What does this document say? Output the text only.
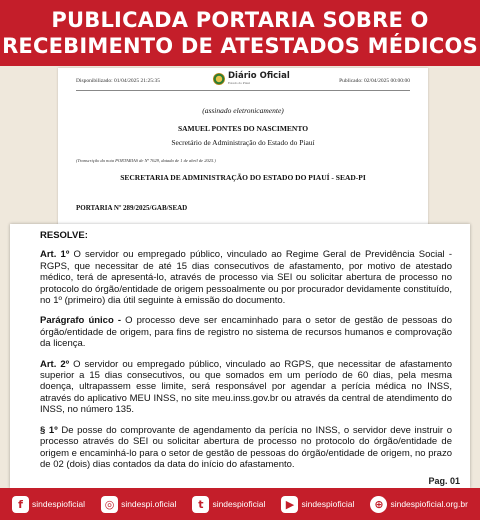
PUBLICADA PORTARIA SOBRE O
RECEBIMENTO DE ATESTADOS MÉDICOS
Disponibilizado: 01/04/2025 21:25:35	Diário Oficial
Estado do Piauí	Publicado: 02/04/2025 00:00:00
(assinado eletronicamente)
SAMUEL PONTES DO NASCIMENTO
Secretário de Administração do Estado do Piauí
(Transcrição da nota PORTARIAS de Nº 7629, datada de 1 de abril de 2025.)
SECRETARIA DE ADMINISTRAÇÃO DO ESTADO DO PIAUÍ - SEAD-PI
PORTARIA Nº 289/2025/GAB/SEAD

RESOLVE:

Art. 1º O servidor ou empregado público, vinculado ao Regime Geral de Previdência Social - RGPS, que necessitar de até 15 dias consecutivos de afastamento, por motivo de atestado médico, terá de apresentá-lo, através de processo via SEI ou solicitar abertura de processo no protocolo do órgão/entidade de origem pessoalmente ou por procurador devidamente constituído, no 1º (primeiro) dia útil seguinte à emissão do documento.

Parágrafo único - O processo deve ser encaminhado para o setor de gestão de pessoas do órgão/entidade de origem, para fins de registro no sistema de recursos humanos e comprovação da licença.

Art. 2º O servidor ou empregado público, vinculado ao RGPS, que necessitar de afastamento superior a 15 dias consecutivos, ou que somados em um período de 60 dias, pela mesma doença, ultrapassem esse limite, será responsável por agendar a perícia médica no INSS, através do aplicativo MEU INSS, no site meu.inss.gov.br ou através da central de atendimento do INSS, no número 135.

§ 1º De posse do comprovante de agendamento da perícia no INSS, o servidor deve instruir o processo através do SEI ou solicitar abertura de processo no protocolo do órgão/entidade de origem e encaminhá-lo para o setor de gestão de pessoas do órgão/entidade de origem, no prazo de 02 (dois) dias contados da data do início do afastamento.

Pag. 01
f	sindespioficial	◎ sindespi.oficial	t	sindespioficial	▶ sindespioficial	⊕ sindespioficial.org.br
